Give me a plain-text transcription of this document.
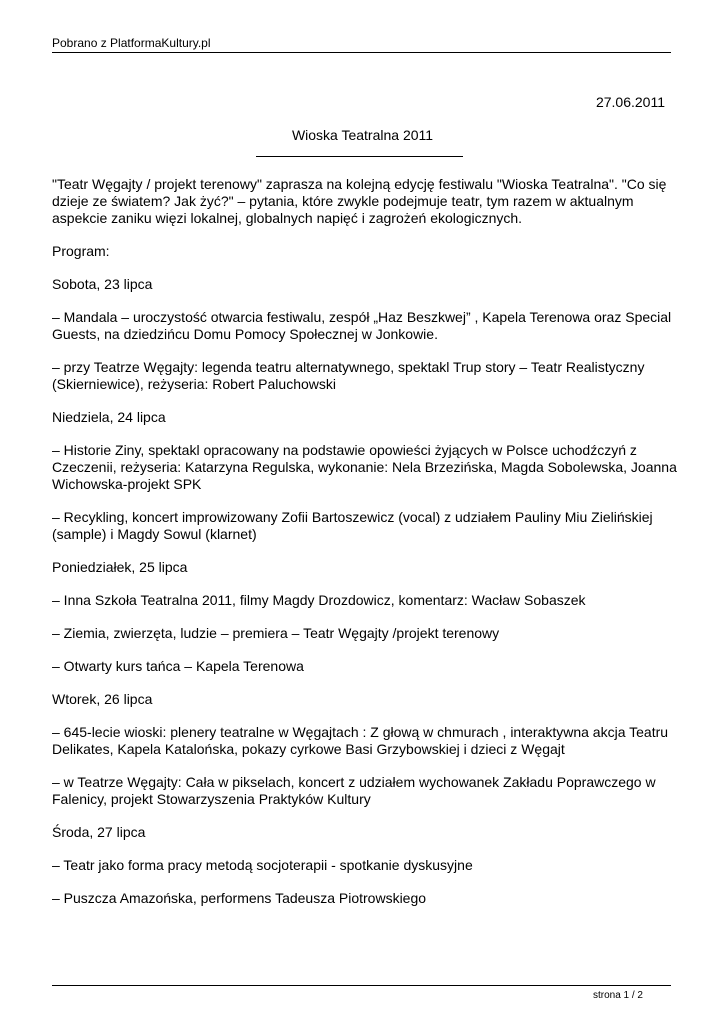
Pobrano z PlatformaKultury.pl
27.06.2011
Wioska Teatralna 2011

"Teatr Węgajty / projekt terenowy" zaprasza na kolejną edycję festiwalu "Wioska Teatralna". "Co się dzieje ze światem? Jak żyć?" – pytania, które zwykle podejmuje teatr, tym razem w aktualnym aspekcie zaniku więzi lokalnej, globalnych napięć i zagrożeń ekologicznych.

Program:

Sobota, 23 lipca

– Mandala – uroczystość otwarcia festiwalu, zespół „Haz Beszkwej” , Kapela Terenowa oraz Special Guests, na dziedzińcu Domu Pomocy Społecznej w Jonkowie.

– przy Teatrze Węgajty: legenda teatru alternatywnego, spektakl Trup story – Teatr Realistyczny (Skierniewice), reżyseria: Robert Paluchowski

Niedziela, 24 lipca

– Historie Ziny, spektakl opracowany na podstawie opowieści żyjących w Polsce uchodźczyń z Czeczenii, reżyseria: Katarzyna Regulska, wykonanie: Nela Brzezińska, Magda Sobolewska, Joanna Wichowska-projekt SPK

– Recykling, koncert improwizowany Zofii Bartoszewicz (vocal) z udziałem Pauliny Miu Zielińskiej (sample) i Magdy Sowul (klarnet)

Poniedziałek, 25 lipca

– Inna Szkoła Teatralna 2011, filmy Magdy Drozdowicz, komentarz: Wacław Sobaszek

– Ziemia, zwierzęta, ludzie – premiera – Teatr Węgajty /projekt terenowy

– Otwarty kurs tańca – Kapela Terenowa

Wtorek, 26 lipca

– 645-lecie wioski: plenery teatralne w Węgajtach : Z głową w chmurach , interaktywna akcja Teatru Delikates, Kapela Katalońska, pokazy cyrkowe Basi Grzybowskiej i dzieci z Węgajt

– w Teatrze Węgajty: Cała w pikselach, koncert z udziałem wychowanek Zakładu Poprawczego w Falenicy, projekt Stowarzyszenia Praktyków Kultury

Środa, 27 lipca

– Teatr jako forma pracy metodą socjoterapii - spotkanie dyskusyjne

– Puszcza Amazońska, performens Tadeusza Piotrowskiego

strona 1 / 2
